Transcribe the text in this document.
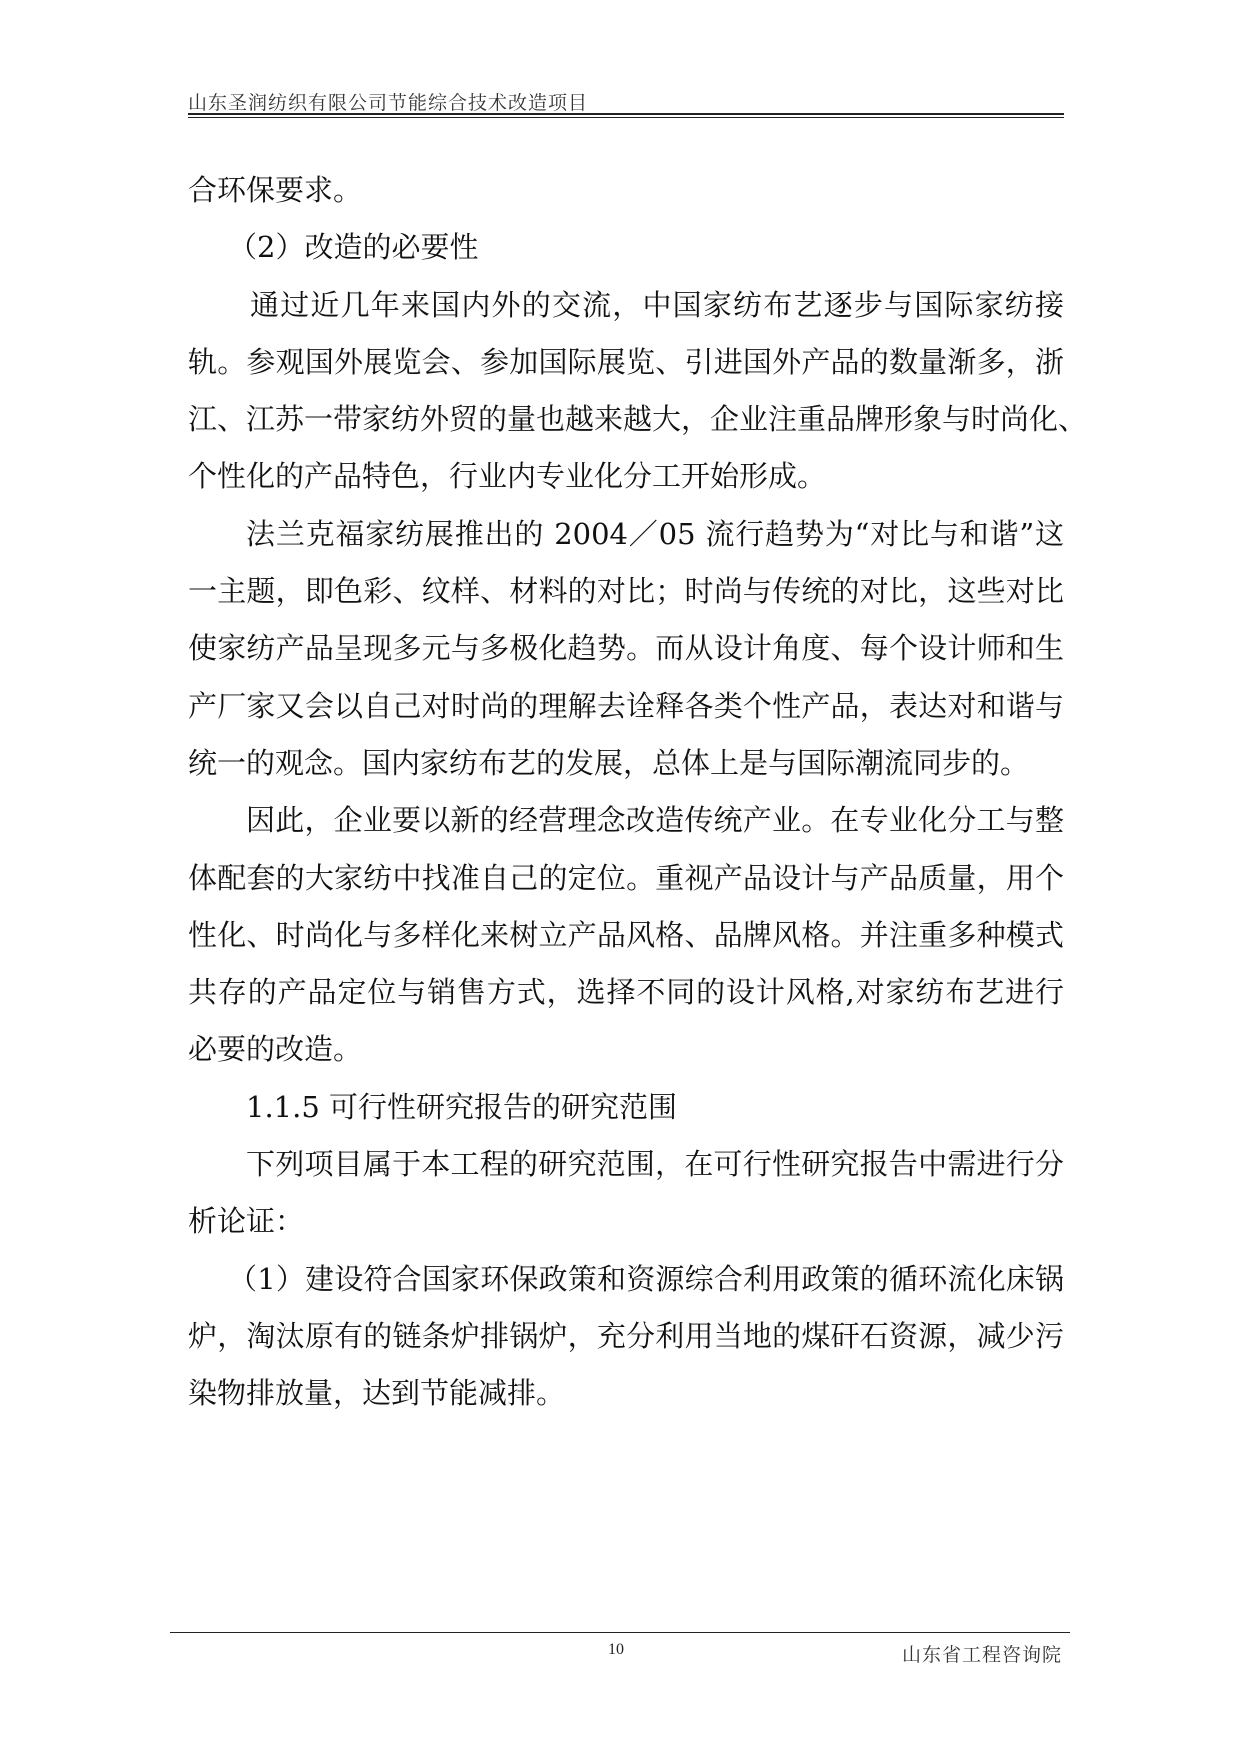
山东圣润纺织有限公司节能综合技术改造项目
合环保要求。
（2）改造的必要性
通过近几年来国内外的交流，中国家纺布艺逐步与国际家纺接
轨。参观国外展览会、参加国际展览、引进国外产品的数量渐多，浙
江、江苏一带家纺外贸的量也越来越大，企业注重品牌形象与时尚化、
个性化的产品特色，行业内专业化分工开始形成。
法兰克福家纺展推出的 2004／05 流行趋势为“对比与和谐”这
一主题，即色彩、纹样、材料的对比；时尚与传统的对比，这些对比
使家纺产品呈现多元与多极化趋势。而从设计角度、每个设计师和生
产厂家又会以自己对时尚的理解去诠释各类个性产品，表达对和谐与
统一的观念。国内家纺布艺的发展，总体上是与国际潮流同步的。
因此，企业要以新的经营理念改造传统产业。在专业化分工与整
体配套的大家纺中找准自己的定位。重视产品设计与产品质量，用个
性化、时尚化与多样化来树立产品风格、品牌风格。并注重多种模式
共存的产品定位与销售方式，选择不同的设计风格,对家纺布艺进行
必要的改造。
1.1.5 可行性研究报告的研究范围
下列项目属于本工程的研究范围，在可行性研究报告中需进行分
析论证：
（1）建设符合国家环保政策和资源综合利用政策的循环流化床锅
炉，淘汰原有的链条炉排锅炉，充分利用当地的煤矸石资源，减少污
染物排放量，达到节能减排。
10	山东省工程咨询院
